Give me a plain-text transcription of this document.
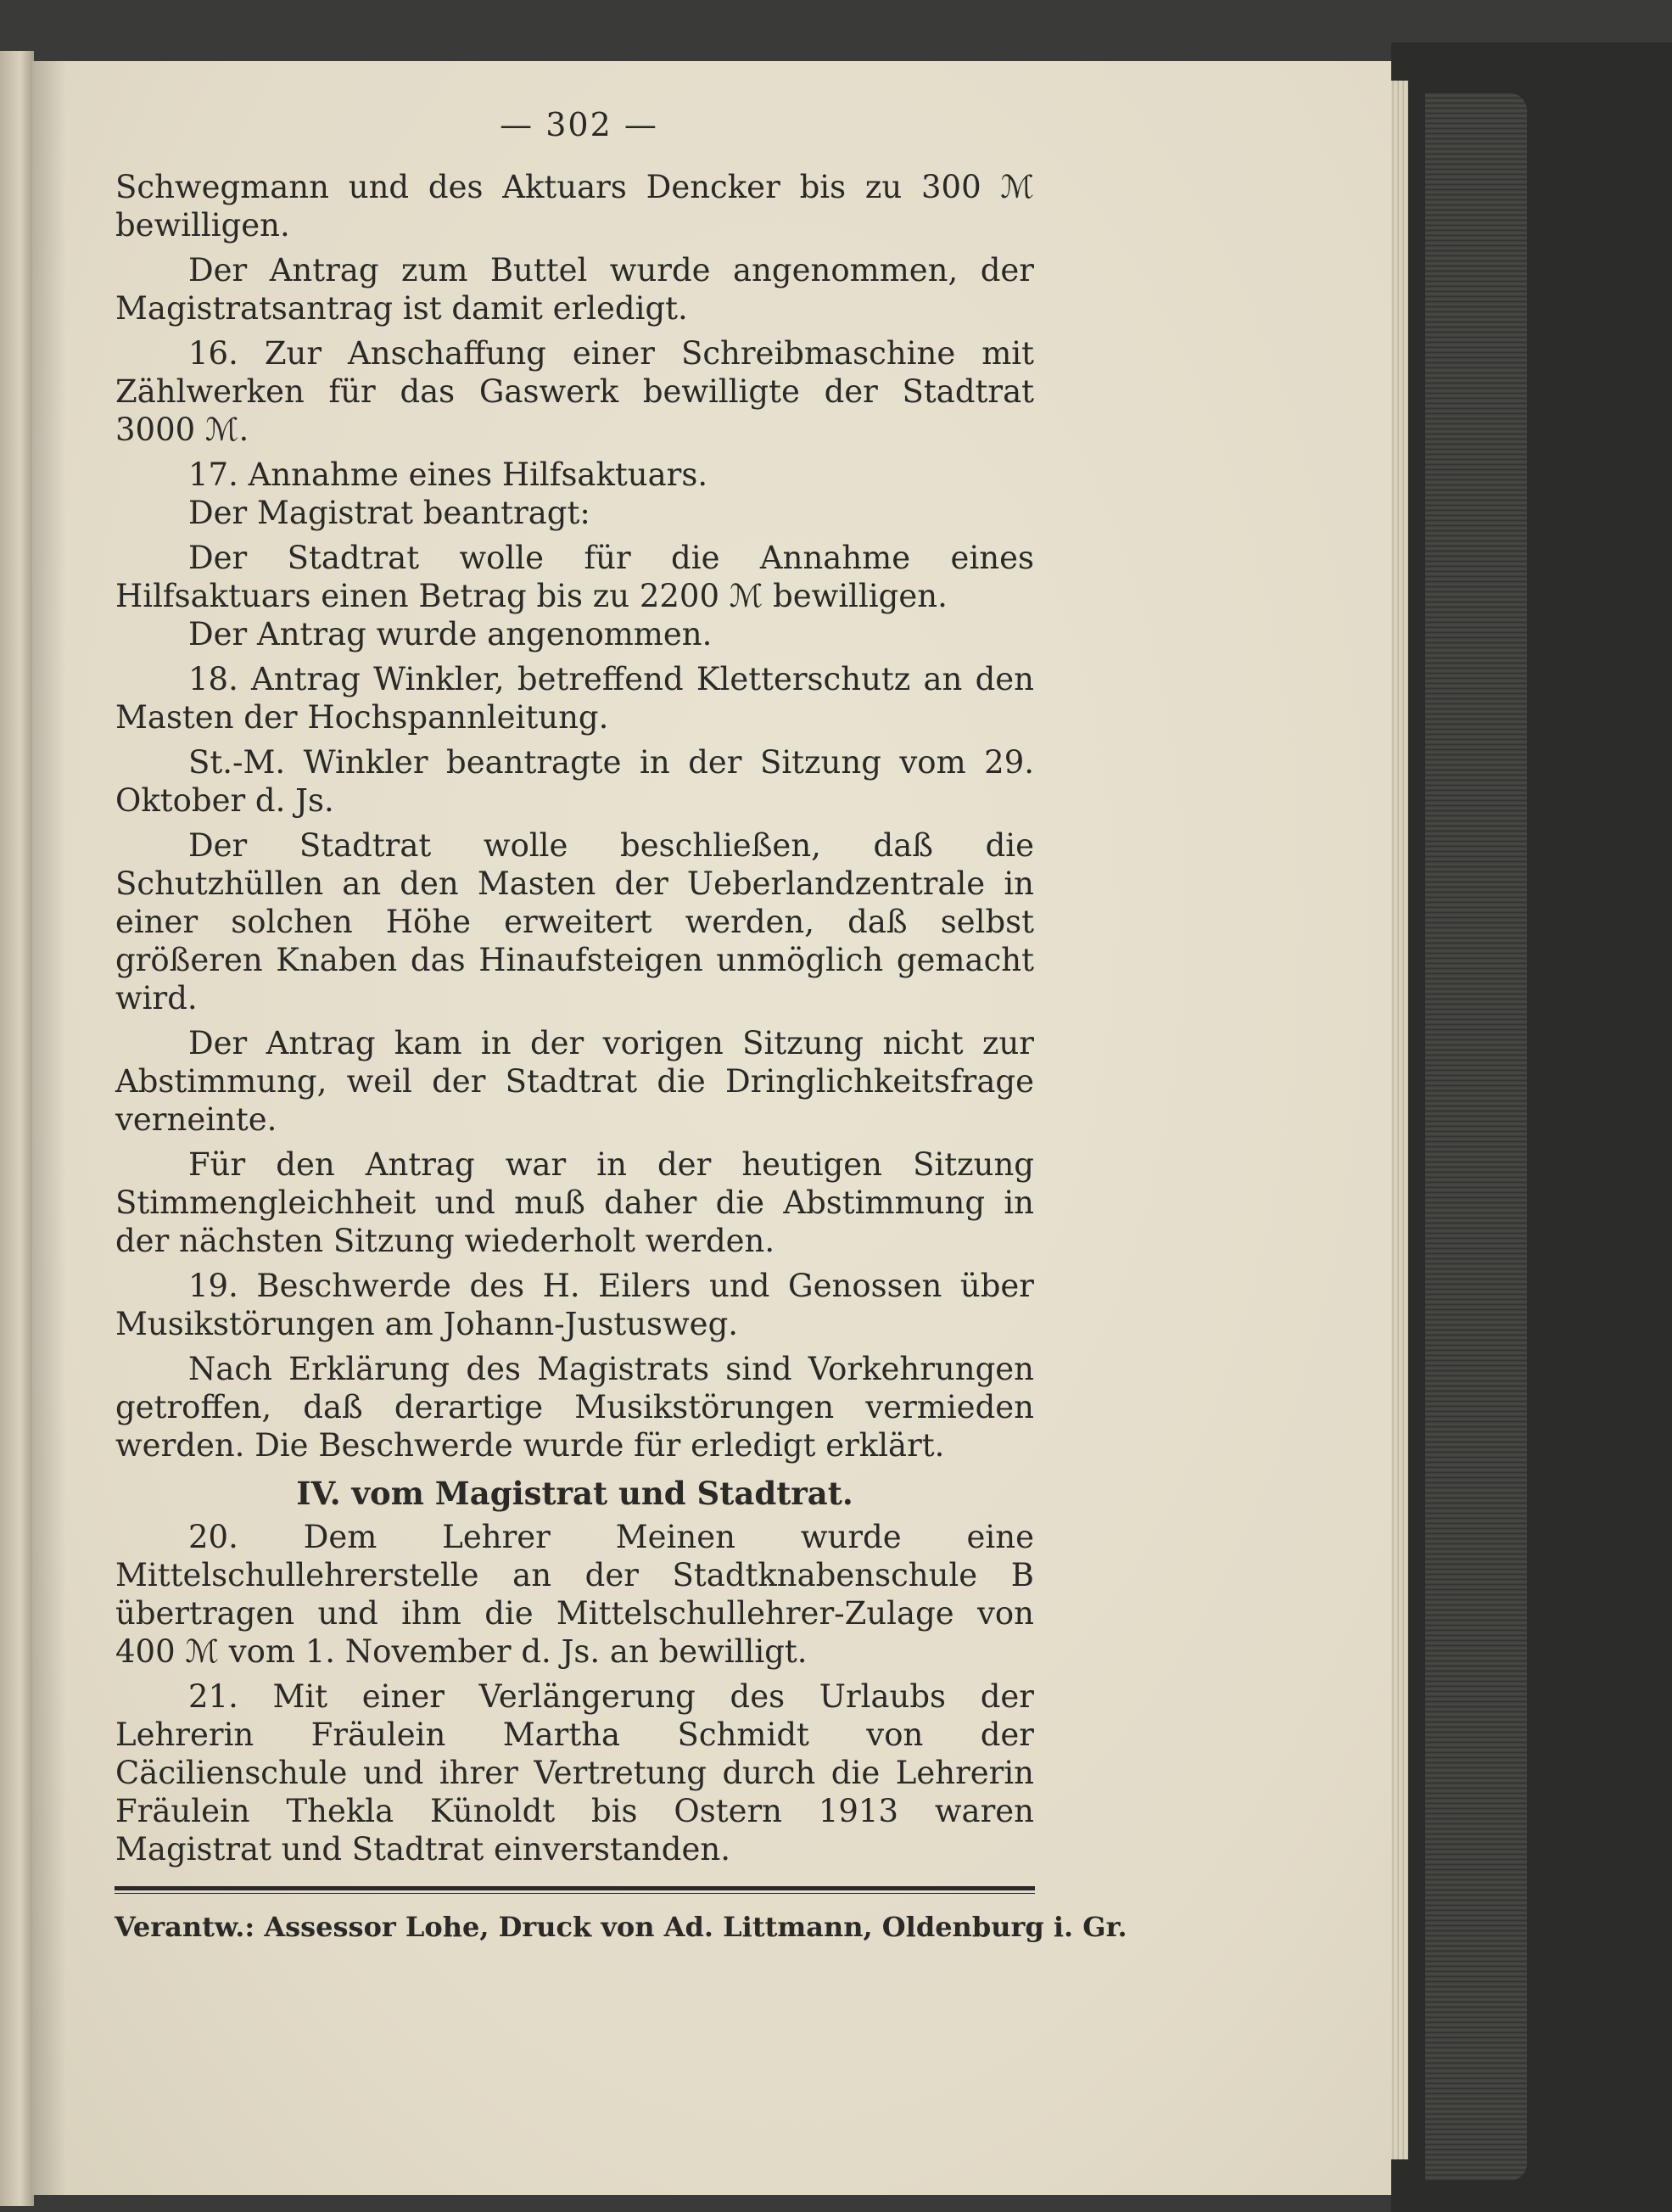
— 302 —

Schwegmann und des Aktuars Dencker bis zu 300 ℳ bewilligen.

Der Antrag zum Buttel wurde angenommen, der Magistratsantrag ist damit erledigt.

16. Zur Anschaffung einer Schreibmaschine mit Zählwerken für das Gaswerk bewilligte der Stadtrat 3000 ℳ.

17. Annahme eines Hilfsaktuars.

Der Magistrat beantragt:

Der Stadtrat wolle für die Annahme eines Hilfsaktuars einen Betrag bis zu 2200 ℳ bewilligen.

Der Antrag wurde angenommen.

18. Antrag Winkler, betreffend Kletterschutz an den Masten der Hochspannleitung.

St.-M. Winkler beantragte in der Sitzung vom 29. Oktober d. Js.

Der Stadtrat wolle beschließen, daß die Schutzhüllen an den Masten der Ueberlandzentrale in einer solchen Höhe erweitert werden, daß selbst größeren Knaben das Hinaufsteigen unmöglich gemacht wird.

Der Antrag kam in der vorigen Sitzung nicht zur Abstimmung, weil der Stadtrat die Dringlichkeitsfrage verneinte.

Für den Antrag war in der heutigen Sitzung Stimmengleichheit und muß daher die Abstimmung in der nächsten Sitzung wiederholt werden.

19. Beschwerde des H. Eilers und Genossen über Musikstörungen am Johann-Justusweg.

Nach Erklärung des Magistrats sind Vorkehrungen getroffen, daß derartige Musikstörungen vermieden werden. Die Beschwerde wurde für erledigt erklärt.

IV. vom Magistrat und Stadtrat.

20. Dem Lehrer Meinen wurde eine Mittelschullehrerstelle an der Stadtknabenschule B übertragen und ihm die Mittelschullehrer-Zulage von 400 ℳ vom 1. November d. Js. an bewilligt.

21. Mit einer Verlängerung des Urlaubs der Lehrerin Fräulein Martha Schmidt von der Cäcilienschule und ihrer Vertretung durch die Lehrerin Fräulein Thekla Künoldt bis Ostern 1913 waren Magistrat und Stadtrat einverstanden.

Verantw.: Assessor Lohe, Druck von Ad. Littmann, Oldenburg i. Gr.
